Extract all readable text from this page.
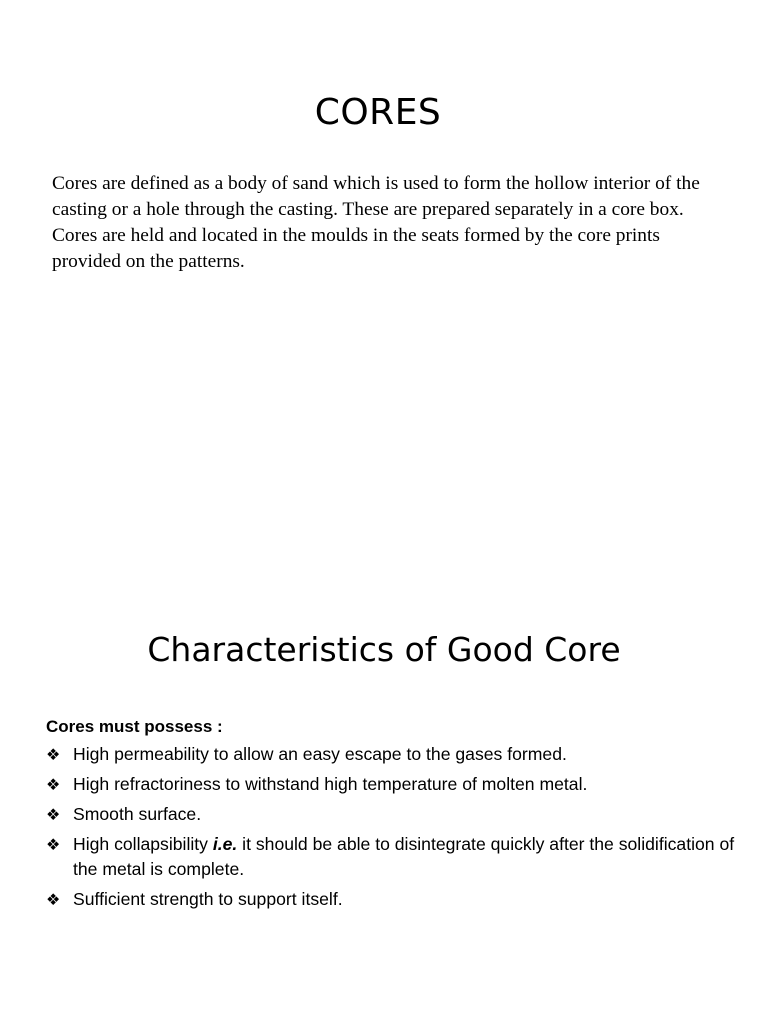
CORES

Cores are defined as a body of sand which is used to form the hollow interior of the casting or a hole through the casting. These are prepared separately in a core box. Cores are held and located in the moulds in the seats formed by the core prints provided on the patterns.

Characteristics of Good Core
Cores must possess :
❖ High permeability to allow an easy escape to the gases formed.
❖ High refractoriness to withstand high temperature of molten metal.
❖ Smooth surface.
❖ High collapsibility i.e. it should be able to disintegrate quickly after the solidification of the metal is complete.
❖ Sufficient strength to support itself.
